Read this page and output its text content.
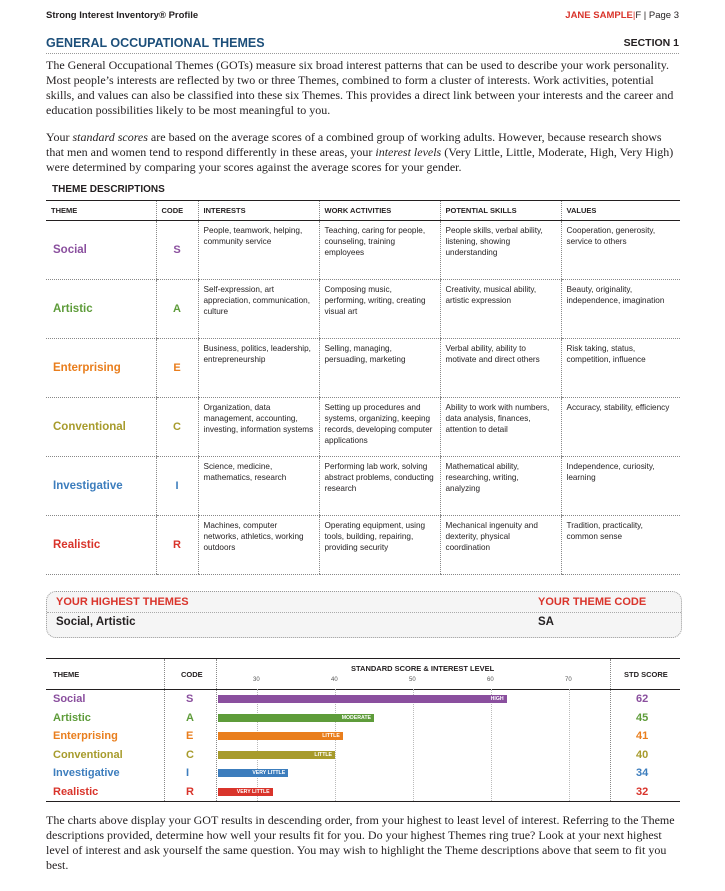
Strong Interest Inventory® Profile	JANE SAMPLE|F | Page 3
GENERAL OCCUPATIONAL THEMES	SECTION 1
The General Occupational Themes (GOTs) measure six broad interest patterns that can be used to describe your work personality. Most people’s interests are reflected by two or three Themes, combined to form a cluster of interests. Work activities, potential skills, and values can also be classified into these six Themes. This provides a direct link between your interests and the career and education possibilities likely to be most meaningful to you.
Your standard scores are based on the average scores of a combined group of working adults. However, because research shows that men and women tend to respond differently in these areas, your interest levels (Very Little, Little, Moderate, High, Very High) were determined by comparing your scores against the average scores for your gender.
THEME DESCRIPTIONS
THEME	CODE	INTERESTS	WORK ACTIVITIES	POTENTIAL SKILLS	VALUES
Social	S	People, teamwork, helping, community service	Teaching, caring for people, counseling, training employees	People skills, verbal ability, listening, showing understanding	Cooperation, generosity, service to others
Artistic	A	Self-expression, art appreciation, communication, culture	Composing music, performing, writing, creating visual art	Creativity, musical ability, artistic expression	Beauty, originality, independence, imagination
Enterprising	E	Business, politics, leadership, entrepreneurship	Selling, managing, persuading, marketing	Verbal ability, ability to motivate and direct others	Risk taking, status, competition, influence
Conventional	C	Organization, data management, accounting, investing, information systems	Setting up procedures and systems, organizing, keeping records, developing computer applications	Ability to work with numbers, data analysis, finances, attention to detail	Accuracy, stability, efficiency
Investigative	I	Science, medicine, mathematics, research	Performing lab work, solving abstract problems, conducting research	Mathematical ability, researching, writing, analyzing	Independence, curiosity, learning
Realistic	R	Machines, computer networks, athletics, working outdoors	Operating equipment, using tools, building, repairing, providing security	Mechanical ingenuity and dexterity, physical coordination	Tradition, practicality, common sense
YOUR HIGHEST THEMES	YOUR THEME CODE
Social, Artistic	SA
THEME	CODE
STANDARD SCORE & INTEREST LEVEL
STD SCORE
30	40	50	60	70
Social	S	HIGH	62
Artistic	A	MODERATE	45
Enterprising	E	LITTLE	41
Conventional	C	LITTLE	40
Investigative	I	VERY LITTLE	34
Realistic	R	VERY LITTLE	32
The charts above display your GOT results in descending order, from your highest to least level of interest. Referring to the Theme descriptions provided, determine how well your results fit for you. Do your highest Themes ring true? Look at your next highest level of interest and ask yourself the same question. You may wish to highlight the Theme descriptions above that seem to fit you best.
